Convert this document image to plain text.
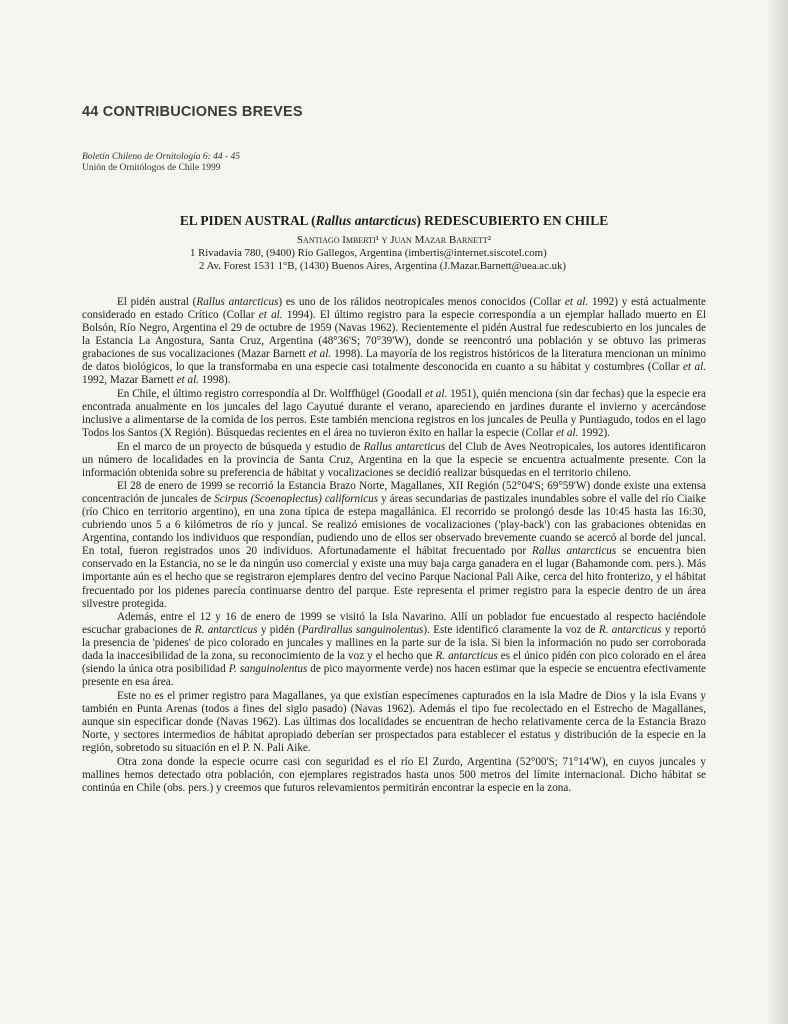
44 CONTRIBUCIONES BREVES
Boletín Chileno de Ornitología 6: 44 - 45
Unión de Ornitólogos de Chile 1999
EL PIDEN AUSTRAL (Rallus antarcticus) REDESCUBIERTO EN CHILE
Santiago Imberti¹ y Juan Mazar Barnett²
1 Rivadavia 780, (9400) Río Gallegos, Argentina (imbertis@internet.siscotel.com)
2 Av. Forest 1531 1°B, (1430) Buenos Aires, Argentina (J.Mazar.Barnett@uea.ac.uk)

El pidén austral (Rallus antarcticus) es uno de los rálidos neotropicales menos conocidos (Collar et al. 1992) y está actualmente considerado en estado Crítico (Collar et al. 1994). El último registro para la especie correspondía a un ejemplar hallado muerto en El Bolsón, Río Negro, Argentina el 29 de octubre de 1959 (Navas 1962). Recientemente el pidén Austral fue redescubierto en los juncales de la Estancia La Angostura, Santa Cruz, Argentina (48°36'S; 70°39'W), donde se reencontró una población y se obtuvo las primeras grabaciones de sus vocalizaciones (Mazar Barnett et al. 1998). La mayoría de los registros históricos de la literatura mencionan un mínimo de datos biológicos, lo que la transformaba en una especie casi totalmente desconocida en cuanto a su hábitat y costumbres (Collar et al. 1992, Mazar Barnett et al. 1998).

En Chile, el último registro correspondía al Dr. Wolffhügel (Goodall et al. 1951), quién menciona (sin dar fechas) que la especie era encontrada anualmente en los juncales del lago Cayutué durante el verano, apareciendo en jardines durante el invierno y acercándose inclusive a alimentarse de la comida de los perros. Este también menciona registros en los juncales de Peulla y Puntiagudo, todos en el lago Todos los Santos (X Región). Búsquedas recientes en el área no tuvieron éxito en hallar la especie (Collar et al. 1992).

En el marco de un proyecto de búsqueda y estudio de Rallus antarcticus del Club de Aves Neotropicales, los autores identificaron un número de localidades en la provincia de Santa Cruz, Argentina en la que la especie se encuentra actualmente presente. Con la información obtenida sobre su preferencia de hábitat y vocalizaciones se decidió realizar búsquedas en el territorio chileno.

El 28 de enero de 1999 se recorrió la Estancia Brazo Norte, Magallanes, XII Región (52°04'S; 69°59'W) donde existe una extensa concentración de juncales de Scirpus (Scoenoplectus) californicus y áreas secundarias de pastizales inundables sobre el valle del río Ciaike (río Chico en territorio argentino), en una zona típica de estepa magallánica. El recorrido se prolongó desde las 10:45 hasta las 16:30, cubriendo unos 5 a 6 kilómetros de río y juncal. Se realizó emisiones de vocalizaciones ('play-back') con las grabaciones obtenidas en Argentina, contando los individuos que respondían, pudiendo uno de ellos ser observado brevemente cuando se acercó al borde del juncal. En total, fueron registrados unos 20 individuos. Afortunadamente el hábitat frecuentado por Rallus antarcticus se encuentra bien conservado en la Estancia, no se le da ningún uso comercial y existe una muy baja carga ganadera en el lugar (Bahamonde com. pers.). Más importante aún es el hecho que se registraron ejemplares dentro del vecino Parque Nacional Pali Aike, cerca del hito fronterizo, y el hábitat frecuentado por los pidenes parecía continuarse dentro del parque. Este representa el primer registro para la especie dentro de un área silvestre protegida.

Además, entre el 12 y 16 de enero de 1999 se visitó la Isla Navarino. Allí un poblador fue encuestado al respecto haciéndole escuchar grabaciones de R. antarcticus y pidén (Pardirallus sanguinolentus). Este identificó claramente la voz de R. antarcticus y reportó la presencia de 'pidenes' de pico colorado en juncales y mallines en la parte sur de la isla. Si bien la información no pudo ser corroborada dada la inaccesibilidad de la zona, su reconocimiento de la voz y el hecho que R. antarcticus es el único pidén con pico colorado en el área (siendo la única otra posibilidad P. sanguinolentus de pico mayormente verde) nos hacen estimar que la especie se encuentra efectivamente presente en esa área.

Este no es el primer registro para Magallanes, ya que existían especímenes capturados en la isla Madre de Dios y la isla Evans y también en Punta Arenas (todos a fines del siglo pasado) (Navas 1962). Además el tipo fue recolectado en el Estrecho de Magallanes, aunque sin especificar donde (Navas 1962). Las últimas dos localidades se encuentran de hecho relativamente cerca de la Estancia Brazo Norte, y sectores intermedios de hábitat apropiado deberían ser prospectados para establecer el estatus y distribución de la especie en la región, sobretodo su situación en el P. N. Pali Aike.

Otra zona donde la especie ocurre casi con seguridad es el río El Zurdo, Argentina (52°00'S; 71°14'W), en cuyos juncales y mallines hemos detectado otra población, con ejemplares registrados hasta unos 500 metros del límite internacional. Dicho hábitat se continúa en Chile (obs. pers.) y creemos que futuros relevamientos permitirán encontrar la especie en la zona.
